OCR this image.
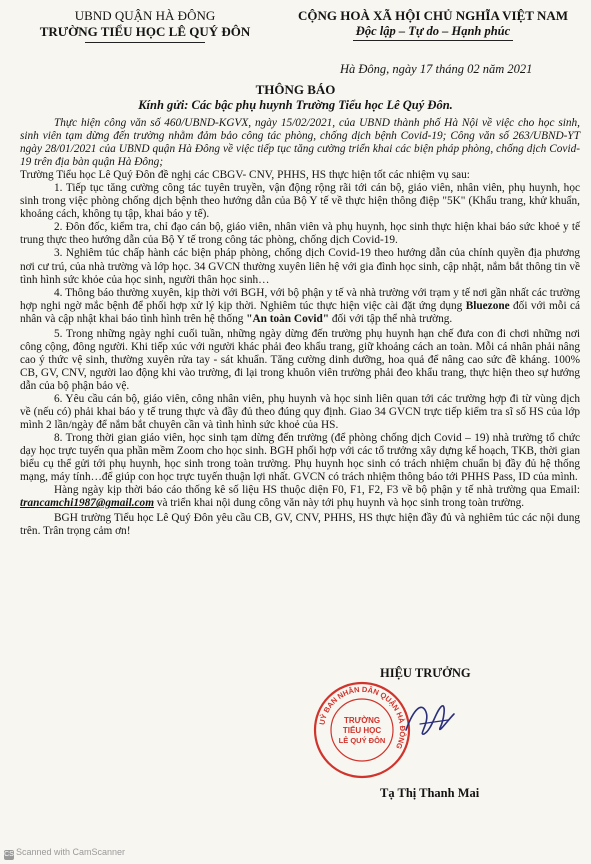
UBND QUẬN HÀ ĐÔNG
TRƯỜNG TIỂU HỌC LÊ QUÝ ĐÔN
CỘNG HOÀ XÃ HỘI CHỦ NGHĨA VIỆT NAM
Độc lập – Tự do – Hạnh phúc
Hà Đông, ngày 17 tháng 02 năm 2021
THÔNG BÁO
Kính gửi: Các bậc phụ huynh Trường Tiểu học Lê Quý Đôn.

Thực hiện công văn số 460/UBND-KGVX, ngày 15/02/2021, của UBND thành phố Hà Nội về việc cho học sinh, sinh viên tạm dừng đến trường nhằm đảm bảo công tác phòng, chống dịch bệnh Covid-19; Công văn số 263/UBND-YT ngày 28/01/2021 của UBND quận Hà Đông về việc tiếp tục tăng cường triển khai các biện pháp phòng, chống dịch Covid-19 trên địa bàn quận Hà Đông;

Trường Tiểu học Lê Quý Đôn đề nghị các CBGV- CNV, PHHS, HS thực hiện tốt các nhiệm vụ sau:

1. Tiếp tục tăng cường công tác tuyên truyền, vận động rộng rãi tới cán bộ, giáo viên, nhân viên, phụ huynh, học sinh trong việc phòng chống dịch bệnh theo hướng dẫn của Bộ Y tế về thực hiện thông điệp "5K" (Khẩu trang, khử khuẩn, khoảng cách, không tụ tập, khai báo y tế).

2. Đôn đốc, kiểm tra, chỉ đạo cán bộ, giáo viên, nhân viên và phụ huynh, học sinh thực hiện khai báo sức khoẻ y tế trung thực theo hướng dẫn của Bộ Y tế trong công tác phòng, chống dịch Covid-19.

3. Nghiêm túc chấp hành các biện pháp phòng, chống dịch Covid-19 theo hướng dẫn của chính quyền địa phương nơi cư trú, của nhà trường và lớp học. 34 GVCN thường xuyên liên hệ với gia đình học sinh, cập nhật, nắm bắt thông tin về tình hình sức khỏe của học sinh, người thân học sinh…

4. Thông báo thường xuyên, kịp thời với BGH, với bộ phận y tế và nhà trường với trạm y tế nơi gần nhất các trường hợp nghi ngờ mắc bệnh để phối hợp xử lý kịp thời. Nghiêm túc thực hiện việc cài đặt ứng dụng Bluezone đối với mỗi cá nhân và cập nhật khai báo tình hình trên hệ thống "An toàn Covid" đối với tập thể nhà trường.

5. Trong những ngày nghỉ cuối tuần, những ngày dừng đến trường phụ huynh hạn chế đưa con đi chơi những nơi công cộng, đông người. Khi tiếp xúc với người khác phải đeo khẩu trang, giữ khoảng cách an toàn. Mỗi cá nhân phải nâng cao ý thức vệ sinh, thường xuyên rửa tay - sát khuẩn. Tăng cường dinh dưỡng, hoa quả để nâng cao sức đề kháng. 100% CB, GV, CNV, người lao động khi vào trường, đi lại trong khuôn viên trường phải đeo khẩu trang, thực hiện theo sự hướng dẫn của bộ phận bảo vệ.

6. Yêu cầu cán bộ, giáo viên, công nhân viên, phụ huynh và học sinh liên quan tới các trường hợp đi từ vùng dịch về (nếu có) phải khai báo y tế trung thực và đầy đủ theo đúng quy định. Giao 34 GVCN trực tiếp kiểm tra sĩ số HS của lớp mình 2 lần/ngày để nắm bắt chuyên cần và tình hình sức khoẻ của HS.

8. Trong thời gian giáo viên, học sinh tạm dừng đến trường (để phòng chống dịch Covid – 19) nhà trường tổ chức dạy học trực tuyến qua phần mềm Zoom cho học sinh. BGH phối hợp với các tổ trưởng xây dựng kế hoạch, TKB, thời gian biểu cụ thể gửi tới phụ huynh, học sinh trong toàn trường. Phụ huynh học sinh có trách nhiệm chuẩn bị đầy đủ hệ thống mạng, máy tính…để giúp con học trực tuyến thuận lợi nhất. GVCN có trách nhiệm thông báo tới PHHS Pass, ID của mình.

Hàng ngày kịp thời báo cáo thống kê số liệu HS thuộc diện F0, F1, F2, F3 về bộ phận y tế nhà trường qua Email: trancamchi1987@gmail.com và triển khai nội dung công văn này tới phụ huynh và học sinh trong toàn trường.

BGH trường Tiểu học Lê Quý Đôn yêu cầu CB, GV, CNV, PHHS, HS thực hiện đầy đủ và nghiêm túc các nội dung trên. Trân trọng cảm ơn!

HIỆU TRƯỞNG
UỶ BAN NHÂN DÂN QUẬN HÀ ĐÔNG
TRƯỜNG
TIỂU HỌC
LÊ QUÝ ĐÔN
Tạ Thị Thanh Mai
CS Scanned with CamScanner
